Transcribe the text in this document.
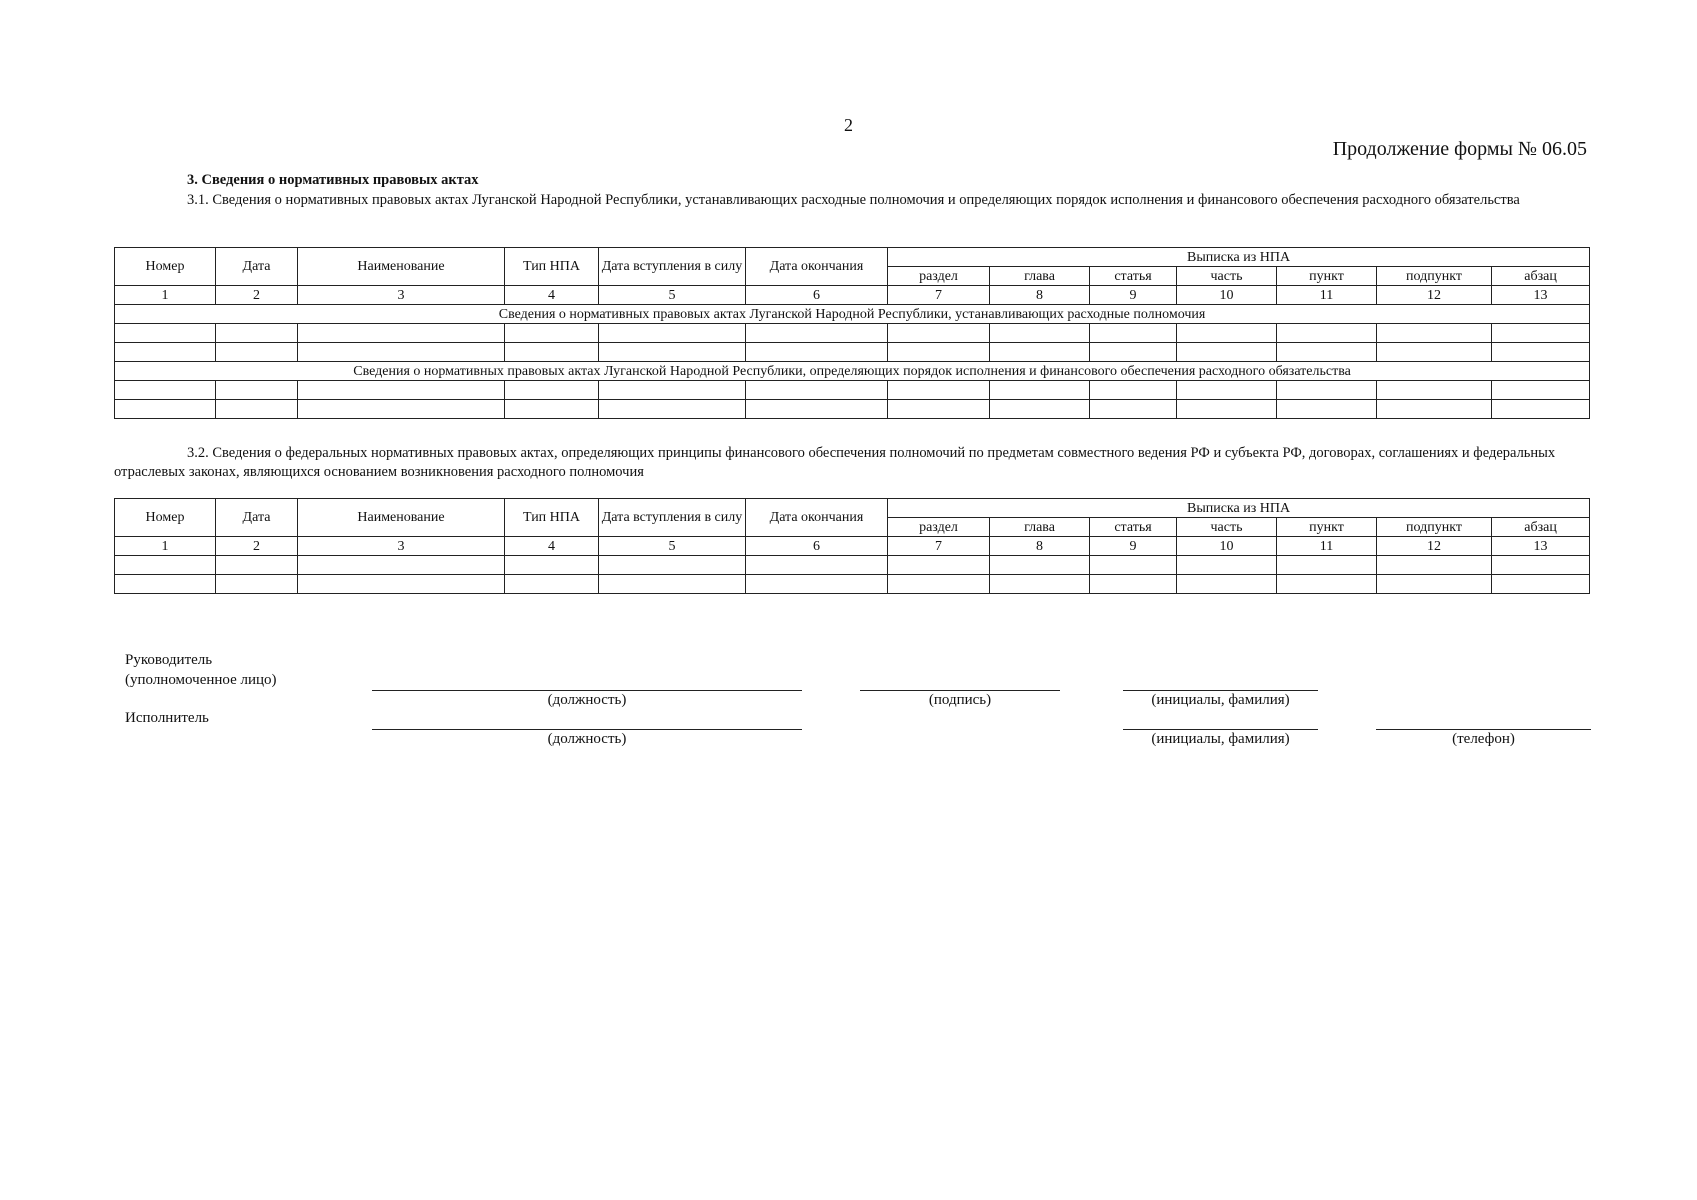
2
Продолжение формы № 06.05
3. Сведения о нормативных правовых актах
3.1. Сведения о нормативных правовых актах Луганской Народной Республики, устанавливающих расходные полномочия и определяющих порядок исполнения и финансового обеспечения расходного обязательства
Номер	Дата	Наименование	Тип НПА	Дата вступления в силу	Дата окончания	Выписка из НПА						
						раздел	глава	статья	часть	пункт	подпункт	абзац
1	2	3	4	5	6	7	8	9	10	11	12	13
Сведения о нормативных правовых актах Луганской Народной Республики, устанавливающих расходные полномочия												

Сведения о нормативных правовых актах Луганской Народной Республики, определяющих порядок исполнения и финансового обеспечения расходного обязательства												

3.2. Сведения о федеральных нормативных правовых актах, определяющих принципы финансового обеспечения полномочий по предметам совместного ведения РФ и субъекта РФ, договорах, соглашениях и федеральных отраслевых законах, являющихся основанием возникновения расходного полномочия
Номер	Дата	Наименование	Тип НПА	Дата вступления в силу	Дата окончания	Выписка из НПА						
						раздел	глава	статья	часть	пункт	подпункт	абзац
1	2	3	4	5	6	7	8	9	10	11	12	13

Руководитель
(уполномоченное лицо)
(должность)	(подпись)	(инициалы, фамилия)
Исполнитель
(должность)	(инициалы, фамилия)	(телефон)
